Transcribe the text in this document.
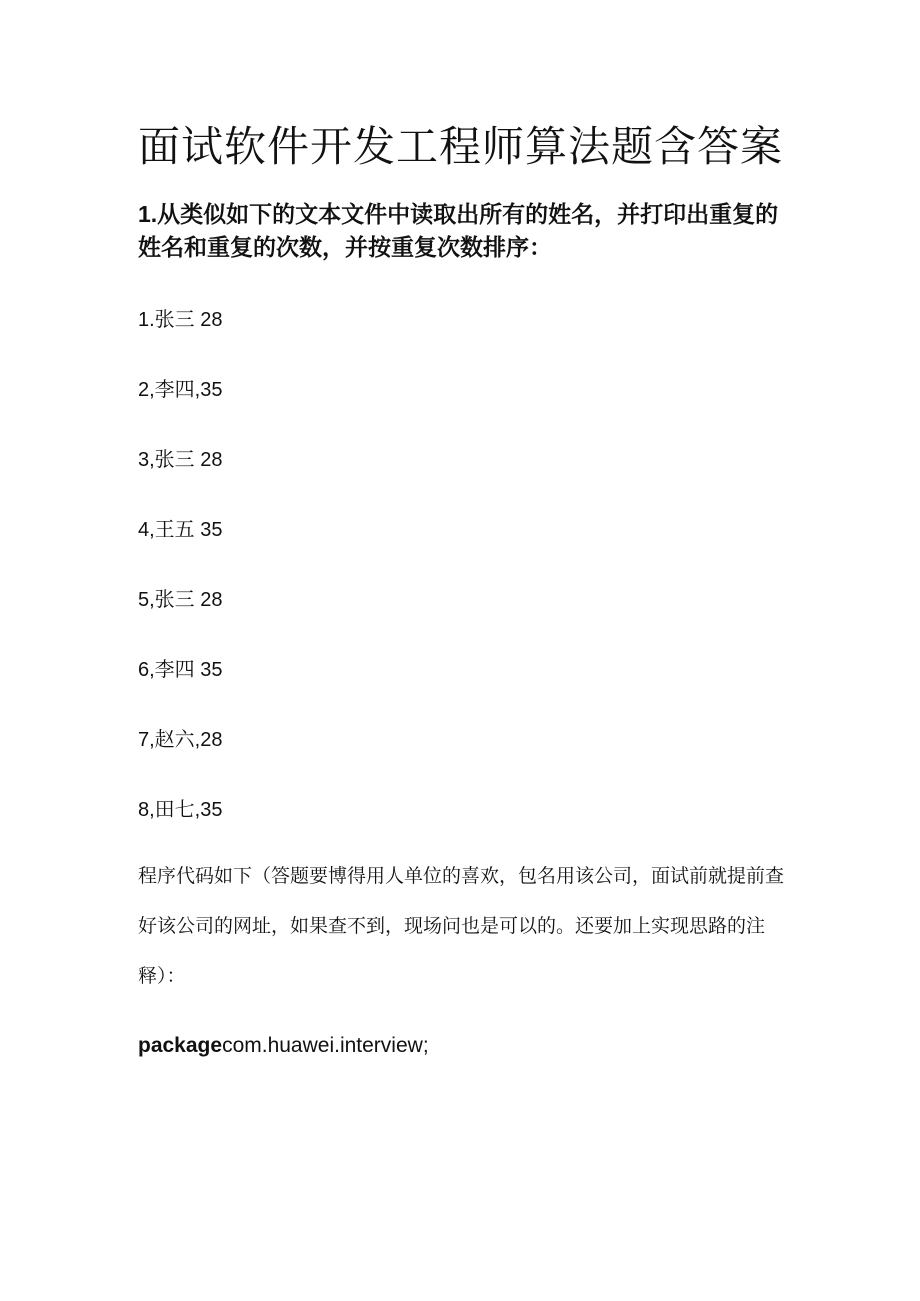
面试软件开发工程师算法题含答案

1.从类似如下的文本文件中读取出所有的姓名，并打印出重复的姓名和重复的次数，并按重复次数排序：

1.张三 28
2,李四,35
3,张三 28
4,王五 35
5,张三 28
6,李四 35
7,赵六,28
8,田七,35

程序代码如下（答题要博得用人单位的喜欢，包名用该公司，面试前就提前查好该公司的网址，如果查不到，现场问也是可以的。还要加上实现思路的注释）：

packagecom.huawei.interview;
